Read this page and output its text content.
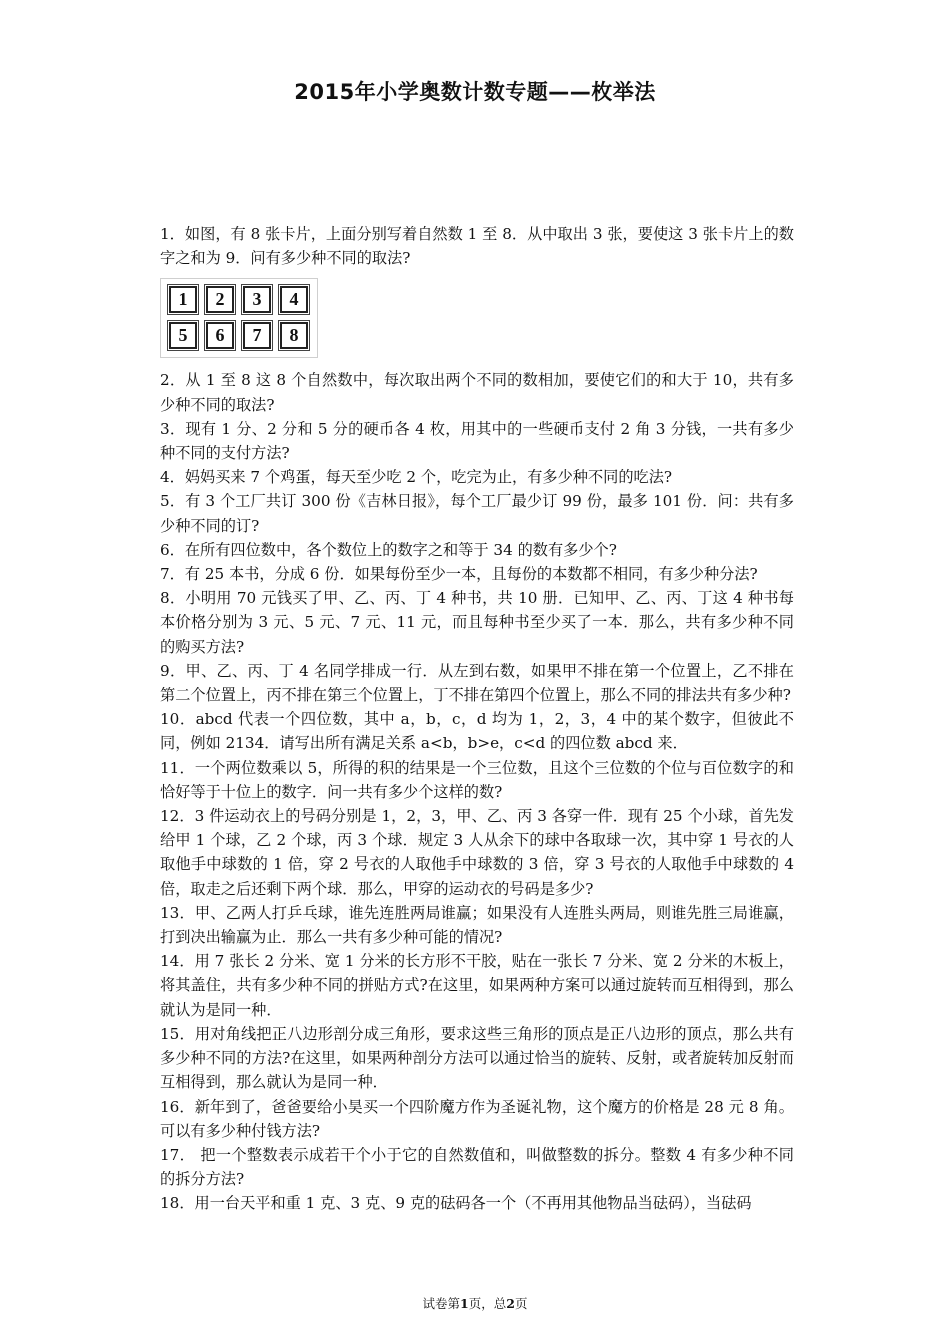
2015年小学奥数计数专题——枚举法

1．如图，有 8 张卡片，上面分别写着自然数 1 至 8．从中取出 3 张，要使这 3 张卡片上的数字之和为 9．问有多少种不同的取法?

1	2	3	4
5	6	7	8

2．从 1 至 8 这 8 个自然数中，每次取出两个不同的数相加，要使它们的和大于 10，共有多少种不同的取法?

3．现有 1 分、2 分和 5 分的硬币各 4 枚，用其中的一些硬币支付 2 角 3 分钱，一共有多少种不同的支付方法?

4．妈妈买来 7 个鸡蛋，每天至少吃 2 个，吃完为止，有多少种不同的吃法?

5．有 3 个工厂共订 300 份《吉林日报》，每个工厂最少订 99 份，最多 101 份．问：共有多少种不同的订?

6．在所有四位数中，各个数位上的数字之和等于 34 的数有多少个?

7．有 25 本书，分成 6 份．如果每份至少一本，且每份的本数都不相同，有多少种分法?

8．小明用 70 元钱买了甲、乙、丙、丁 4 种书，共 10 册．已知甲、乙、丙、丁这 4 种书每本价格分别为 3 元、5 元、7 元、11 元，而且每种书至少买了一本．那么，共有多少种不同的购买方法?

9．甲、乙、丙、丁 4 名同学排成一行．从左到右数，如果甲不排在第一个位置上，乙不排在第二个位置上，丙不排在第三个位置上，丁不排在第四个位置上，那么不同的排法共有多少种?

10．abcd 代表一个四位数，其中 a，b，c，d 均为 1，2，3，4 中的某个数字，但彼此不同，例如 2134．请写出所有满足关系 a<b，b>e，c<d 的四位数 abcd 来．

11．一个两位数乘以 5，所得的积的结果是一个三位数，且这个三位数的个位与百位数字的和恰好等于十位上的数字．问一共有多少个这样的数?

12．3 件运动衣上的号码分别是 1，2，3，甲、乙、丙 3 各穿一件．现有 25 个小球，首先发给甲 1 个球，乙 2 个球，丙 3 个球．规定 3 人从余下的球中各取球一次，其中穿 1 号衣的人取他手中球数的 1 倍，穿 2 号衣的人取他手中球数的 3 倍，穿 3 号衣的人取他手中球数的 4 倍，取走之后还剩下两个球．那么，甲穿的运动衣的号码是多少?

13．甲、乙两人打乒乓球，谁先连胜两局谁赢；如果没有人连胜头两局，则谁先胜三局谁赢，打到决出输赢为止．那么一共有多少种可能的情况?

14．用 7 张长 2 分米、宽 1 分米的长方形不干胶，贴在一张长 7 分米、宽 2 分米的木板上，将其盖住，共有多少种不同的拼贴方式?在这里，如果两种方案可以通过旋转而互相得到，那么就认为是同一种．

15．用对角线把正八边形剖分成三角形，要求这些三角形的顶点是正八边形的顶点，那么共有多少种不同的方法?在这里，如果两种剖分方法可以通过恰当的旋转、反射，或者旋转加反射而互相得到，那么就认为是同一种．

16．新年到了，爸爸要给小昊买一个四阶魔方作为圣诞礼物，这个魔方的价格是 28 元 8 角。可以有多少种付钱方法?

17． 把一个整数表示成若干个小于它的自然数值和，叫做整数的拆分。整数 4 有多少种不同的拆分方法?

18．用一台天平和重 1 克、3 克、9 克的砝码各一个（不再用其他物品当砝码），当砝码

试卷第1页，总2页
